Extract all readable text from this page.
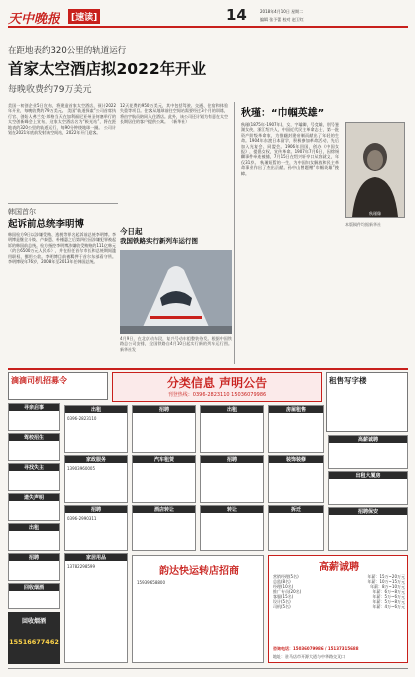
天中晚报	[速读]	14	2018年4月10日 星期二
编辑 张予蕾 校对 赵卫红
在距地表约320公里的轨道运行
首家太空酒店拟2022年开业
每晚收费约79万美元
美国一初创企业5日宣布，将建造首家太空酒店，预计2022年开业，每晚收费约79万美元。 美国“轨道探索”公司首席执行官、创始人弗兰克·邦格当天在加利福尼亚州圣何塞举行的太空创新峰会上宣布，这家太空酒店名为“极光站”，将在距地表约320公里的轨道运行，每90分钟绕地球一圈。 公司计划在2021年底前发射该空间站，2022年开门迎客。
12天花费约950万美元，其中包括驾驶、交通、住宿和体验失重等项目。住客从地球前往空间站需要经过3个月的训练，将由宇航员陪同入住酒店。此外，该公司还计划为有意在太空长期居住的客户提供公寓。 （新华社）
秋瑾：“巾帼英雄”
秋瑾(1875年-1907年)，女，字璿卿，号竞雄，别号鉴湖女侠，浙江绍兴人，中国近代民主革命志士，第一批资产阶级革命家，为推翻封建帝制而献出了年轻的生命。1904年东渡日本留学，积极参加革命活动，先后加入光复会、同盟会。1906年回国，创办《中国女报》，提倡女权，宣传革命。1907年7月6日，因徐锡麟事件牵连被捕，7月15日在绍兴轩亭口从容就义，年仅31岁。 秋瑾短暂的一生，为中国妇女解放和民主革命事业作出了杰出贡献。孙中山曾题赠“巾帼英雄”挽幛。
秋瑾像
本版稿件均据新华社
韩国首尔
起诉前总统李明博
韩国检方9日以涉嫌受贿、逃税等罪名起诉前总统李明博。李明博是继全斗焕、卢泰愚、朴槿惠之后第四位因涉嫌犯罪被起诉的韩国前总统。检方指控李明博涉嫌收受贿赂约111亿韩元（约合6500万元人民币），并在担任首尔市长和总统期间滥用职权、挪用公款。李明博目前被羁押于首尔东部看守所。 李明博现年76岁，2008年至2013年任韩国总统。
今日起
我国铁路实行新列车运行图
4月9日，在北京动车段，复兴号动车组整装待发。根据中国铁路总公司安排，全国铁路自4月10日起实行新的列车运行图。 新华社发
滴滴司机招募令	分类信息 声明公告
刊登热线：0396-2823110 15036079986
租售写字楼
寻亲启事
驾校招生
寻找失主
遗失声明
出租
招聘
回收烟酒
回收烟酒
15516677462
出租
0396-2823110
家政服务
13903960005
招聘
0396-2990311
家居用品
13782298599
招聘
汽车租赁
酒店转让
出租
招聘
转让
房屋租售
装饰装修
拆迁
高薪诚聘
出租大厦房
招聘保安
韵达快运转店招商
15939658800
高薪诚聘
营销经理(5名)	年薪：15万~20万元
总监(8名)	年薪：10万~15万元
经理(10名)	年薪：8万~10万元
推广专员(20名)	年薪：6万~8万元
客服(15名)	年薪：5万~6万元
设计(5名)	年薪：5万~8万元
司机(5名)	年薪：4万~6万元
咨询电话：15036079986 / 15137315688
地址：驻马店市开源大道与中华路交叉口
